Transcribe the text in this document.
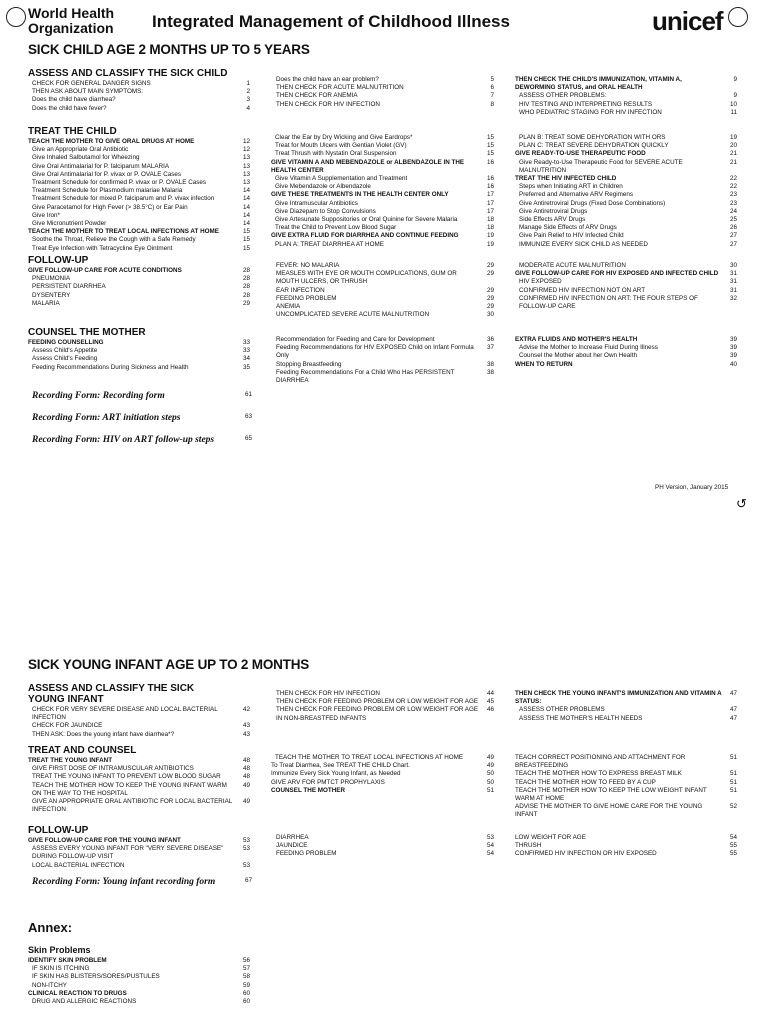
World Health Organization Integrated Management of Childhood Illness	unicef
SICK CHILD AGE 2 MONTHS UP TO 5 YEARS
ASSESS AND CLASSIFY THE SICK CHILD
CHECK FOR GENERAL DANGER SIGNS	1
THEN ASK ABOUT MAIN SYMPTOMS:	2
Does the child have diarrhea?	3
Does the child have fever?	4
Does the child have an ear problem?	5
THEN CHECK FOR ACUTE MALNUTRITION	6
THEN CHECK FOR ANEMIA	7
THEN CHECK FOR HIV INFECTION	8
THEN CHECK THE CHILD'S IMMUNIZATION, VITAMIN A, DEWORMING STATUS, and ORAL HEALTH
9
ASSESS OTHER PROBLEMS:	9
HIV TESTING AND INTERPRETING RESULTS	10
WHO PEDIATRIC STAGING FOR HIV INFECTION	11
TREAT THE CHILD
TEACH THE MOTHER TO GIVE ORAL DRUGS AT HOME	12
Give an Appropriate Oral Antibiotic	12
Give Inhaled Salbutamol for Wheezing	13
Give Oral Antimalarial for P. falciparum MALARIA	13
Give Oral Antimalarial for P. vivax or P. OVALE Cases	13
Treatment Schedule for confirmed P. vivax or P. OVALE Cases	13
Treatment Schedule for Plasmodium malariae Malaria	14
Treatment Schedule for mixed P. falciparum and P. vivax infection	14
Give Paracetamol for High Fever (> 38.5°C) or Ear Pain	14
Give Iron*	14
Give Micronutrient Powder	14
TEACH THE MOTHER TO TREAT LOCAL INFECTIONS AT HOME	15
Soothe the Throat, Relieve the Cough with a Safe Remedy	15
Treat Eye Infection with Tetracycline Eye Ointment	15
Clear the Ear by Dry Wicking and Give Eardrops*	15
Treat for Mouth Ulcers with Gentian Violet (GV)	15
Treat Thrush with Nystatin Oral Suspension	15
GIVE VITAMIN A AND MEBENDAZOLE or ALBENDAZOLE IN THE HEALTH CENTER
16
Give Vitamin A Supplementation and Treatment	16
Give Mebendazole or Albendazole	16
GIVE THESE TREATMENTS IN THE HEALTH CENTER ONLY	17
Give Intramuscular Antibiotics	17
Give Diazepam to Stop Convulsions	17
Give Artesunate Suppositories or Oral Quinine for Severe Malaria	18
Treat the Child to Prevent Low Blood Sugar	18
GIVE EXTRA FLUID FOR DIARRHEA AND CONTINUE FEEDING	19
PLAN A: TREAT DIARRHEA AT HOME	19
PLAN B: TREAT SOME DEHYDRATION WITH ORS	19
PLAN C: TREAT SEVERE DEHYDRATION QUICKLY	20
GIVE READY-TO-USE THERAPEUTIC FOOD	21
Give Ready-to-Use Therapeutic Food for SEVERE ACUTE MALNUTRITION
21
TREAT THE HIV INFECTED CHILD	22
Steps when Initiating ART in Children	22
Preferred and Alternative ARV Regimens	23
Give Antiretroviral Drugs (Fixed Dose Combinations)	23
Give Antiretroviral Drugs	24
Side Effects ARV Drugs	25
Manage Side Effects of ARV Drugs	26
Give Pain Relief to HIV Infected Child	27
IMMUNIZE EVERY SICK CHILD AS NEEDED	27
FOLLOW-UP
GIVE FOLLOW-UP CARE FOR ACUTE CONDITIONS	28
PNEUMONIA	28
PERSISTENT DIARRHEA	28
DYSENTERY	28
MALARIA	29
FEVER: NO MALARIA	29
MEASLES WITH EYE OR MOUTH COMPLICATIONS, GUM OR MOUTH ULCERS, OR THRUSH
29
EAR INFECTION	29
FEEDING PROBLEM	29
ANEMIA	29
UNCOMPLICATED SEVERE ACUTE MALNUTRITION	30
MODERATE ACUTE MALNUTRITION	30
GIVE FOLLOW-UP CARE FOR HIV EXPOSED AND INFECTED CHILD	31
HIV EXPOSED	31
CONFIRMED HIV INFECTION NOT ON ART	31
CONFIRMED HIV INFECTION ON ART: THE FOUR STEPS OF FOLLOW-UP CARE
32
COUNSEL THE MOTHER
FEEDING COUNSELLING	33
Assess Child's Appetite	33
Assess Child's Feeding	34
Feeding Recommendations During Sickness and Health	35
Recommendation for Feeding and Care for Development	36
Feeding Recommendations for HIV EXPOSED Child on Infant Formula Only
37
Stopping Breastfeeding	38
Feeding Recommendations For a Child Who Has PERSISTENT DIARRHEA
38
EXTRA FLUIDS AND MOTHER'S HEALTH	39
Advise the Mother to Increase Fluid During Illness	39
Counsel the Mother about her Own Health	39
WHEN TO RETURN	40
Recording Form: Recording form	61
Recording Form: ART initiation steps	63
Recording Form: HIV on ART follow-up steps	65
PH Version, January 2015
↺
SICK YOUNG INFANT AGE UP TO 2 MONTHS
ASSESS AND CLASSIFY THE SICK YOUNG INFANT
CHECK FOR VERY SEVERE DISEASE AND LOCAL BACTERIAL INFECTION
42
CHECK FOR JAUNDICE	43
THEN ASK: Does the young infant have diarrhea*?	43
THEN CHECK FOR HIV INFECTION	44
THEN CHECK FOR FEEDING PROBLEM OR LOW WEIGHT FOR AGE	45
THEN CHECK FOR FEEDING PROBLEM OR LOW WEIGHT FOR AGE IN NON-BREASTFED INFANTS
46
THEN CHECK THE YOUNG INFANT'S IMMUNIZATION AND VITAMIN A STATUS:
47
ASSESS OTHER PROBLEMS	47
ASSESS THE MOTHER'S HEALTH NEEDS	47
TREAT AND COUNSEL
TREAT THE YOUNG INFANT	48
GIVE FIRST DOSE OF INTRAMUSCULAR ANTIBIOTICS	48
TREAT THE YOUNG INFANT TO PREVENT LOW BLOOD SUGAR	48
TEACH THE MOTHER HOW TO KEEP THE YOUNG INFANT WARM ON THE WAY TO THE HOSPITAL
49
GIVE AN APPROPRIATE ORAL ANTIBIOTIC FOR LOCAL BACTERIAL INFECTION
49
TEACH THE MOTHER TO TREAT LOCAL INFECTIONS AT HOME	49
To Treat Diarrhea, See TREAT THE CHILD Chart.	49
Immunize Every Sick Young Infant, as Needed	50
GIVE ARV FOR PMTCT PROPHYLAXIS	50
COUNSEL THE MOTHER	51
TEACH CORRECT POSITIONING AND ATTACHMENT FOR BREASTFEEDING
51
TEACH THE MOTHER HOW TO EXPRESS BREAST MILK	51
TEACH THE MOTHER HOW TO FEED BY A CUP	51
TEACH THE MOTHER HOW TO KEEP THE LOW WEIGHT INFANT WARM AT HOME
51
ADVISE THE MOTHER TO GIVE HOME CARE FOR THE YOUNG INFANT
52
FOLLOW-UP
GIVE FOLLOW-UP CARE FOR THE YOUNG INFANT	53
ASSESS EVERY YOUNG INFANT FOR "VERY SEVERE DISEASE" DURING FOLLOW-UP VISIT
53
LOCAL BACTERIAL INFECTION	53
DIARRHEA	53
JAUNDICE	54
FEEDING PROBLEM	54
LOW WEIGHT FOR AGE	54
THRUSH	55
CONFIRMED HIV INFECTION OR HIV EXPOSED	55
Recording Form: Young infant recording form	67
Annex:
Skin Problems
IDENTIFY SKIN PROBLEM	56
IF SKIN IS ITCHING	57
IF SKIN HAS BLISTERS/SORES/PUSTULES	58
NON-ITCHY	59
CLINICAL REACTION TO DRUGS	60
DRUG AND ALLERGIC REACTIONS	60
